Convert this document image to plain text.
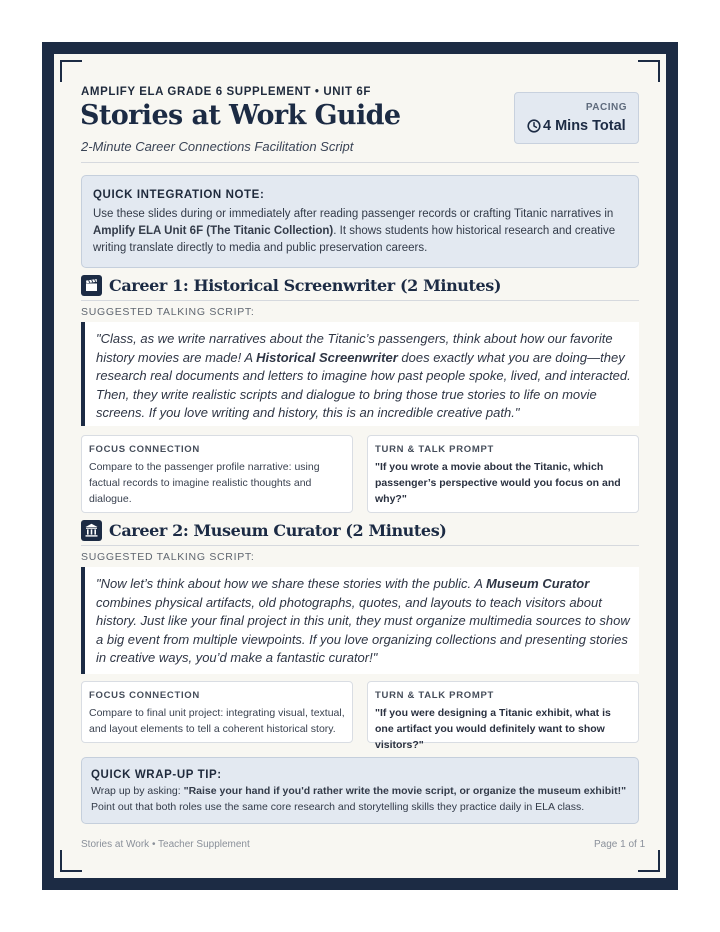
AMPLIFY ELA GRADE 6 SUPPLEMENT • UNIT 6F
Stories at Work Guide
2-Minute Career Connections Facilitation Script
PACING
4 Mins Total
QUICK INTEGRATION NOTE:
Use these slides during or immediately after reading passenger records or crafting Titanic narratives in Amplify ELA Unit 6F (The Titanic Collection). It shows students how historical research and creative writing translate directly to media and public preservation careers.
Career 1: Historical Screenwriter (2 Minutes)
SUGGESTED TALKING SCRIPT:

"Class, as we write narratives about the Titanic’s passengers, think about how our favorite history movies are made! A Historical Screenwriter does exactly what you are doing—they research real documents and letters to imagine how past people spoke, lived, and interacted. Then, they write realistic scripts and dialogue to bring those true stories to life on movie screens. If you love writing and history, this is an incredible creative path."

FOCUS CONNECTION
Compare to the passenger profile narrative: using factual records to imagine realistic thoughts and dialogue.
TURN & TALK PROMPT
"If you wrote a movie about the Titanic, which passenger’s perspective would you focus on and why?"
Career 2: Museum Curator (2 Minutes)
SUGGESTED TALKING SCRIPT:

"Now let’s think about how we share these stories with the public. A Museum Curator combines physical artifacts, old photographs, quotes, and layouts to teach visitors about history. Just like your final project in this unit, they must organize multimedia sources to show a big event from multiple viewpoints. If you love organizing collections and presenting stories in creative ways, you’d make a fantastic curator!"

FOCUS CONNECTION
Compare to final unit project: integrating visual, textual, and layout elements to tell a coherent historical story.
TURN & TALK PROMPT
"If you were designing a Titanic exhibit, what is one artifact you would definitely want to show visitors?"
QUICK WRAP-UP TIP:
Wrap up by asking: "Raise your hand if you'd rather write the movie script, or organize the museum exhibit!" Point out that both roles use the same core research and storytelling skills they practice daily in ELA class.
Stories at Work • Teacher Supplement	Page 1 of 1
